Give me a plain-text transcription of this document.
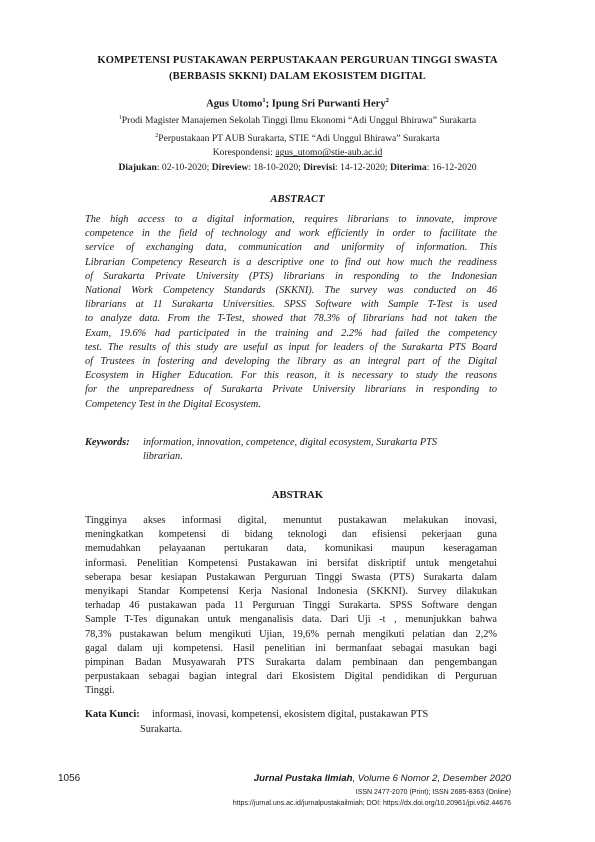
KOMPETENSI PUSTAKAWAN PERPUSTAKAAN PERGURUAN TINGGI SWASTA
(BERBASIS SKKNI) DALAM EKOSISTEM DIGITAL
Agus Utomo$^1$; Ipung Sri Purwanti Hery$^2$
$^1$Prodi Magister Manajemen Sekolah Tinggi Ilmu Ekonomi “Adi Unggul Bhirawa” Surakarta
$^2$Perpustakaan PT AUB Surakarta, STIE “Adi Unggul Bhirawa” Surakarta
Korespondensi: agus_utomo@stie-aub.ac.id
Diajukan: 02-10-2020; Direview: 18-10-2020; Direvisi: 14-12-2020; Diterima: 16-12-2020
ABSTRACT
The high access to a digital information, requires librarians to innovate, improve
competence in the field of technology and work efficiently in order to facilitate the
service of exchanging data, communication and uniformity of information. This
Librarian Competency Research is a descriptive one to find out how much the readiness
of Surakarta Private University (PTS) librarians in responding to the Indonesian
National Work Competency Standards (SKKNI). The survey was conducted on 46
librarians at 11 Surakarta Universities. SPSS Software with Sample T-Test is used
to analyze data. From the T-Test, showed that 78.3% of librarians had not taken the
Exam, 19.6% had participated in the training and 2.2% had failed the competency
test. The results of this study are useful as input for leaders of the Surakarta PTS Board
of Trustees in fostering and developing the library as an integral part of the Digital
Ecosystem in Higher Education. For this reason, it is necessary to study the reasons
for the unpreparedness of Surakarta Private University librarians in responding to
Competency Test in the Digital Ecosystem.
Keywords: information, innovation, competence, digital ecosystem, Surakarta PTS
librarian.
ABSTRAK
Tingginya akses informasi digital, menuntut pustakawan melakukan inovasi,
meningkatkan kompetensi di bidang teknologi dan efisiensi pekerjaan guna
memudahkan pelayaanan pertukaran data, komunikasi maupun keseragaman
informasi. Penelitian Kompetensi Pustakawan ini bersifat diskriptif untuk mengetahui
seberapa besar kesiapan Pustakawan Perguruan Tinggi Swasta (PTS) Surakarta dalam
menyikapi Standar Kompetensi Kerja Nasional Indonesia (SKKNI). Survey dilakukan
terhadap 46 pustakawan pada 11 Perguruan Tinggi Surakarta. SPSS Software dengan
Sample T-Tes digunakan untuk menganalisis data. Dari Uji -t , menunjukkan bahwa
78,3% pustakawan belum mengikuti Ujian, 19,6% pernah mengikuti pelatian dan 2,2%
gagal dalam uji kompetensi. Hasil penelitian ini bermanfaat sebagai masukan bagi
pimpinan Badan Musyawarah PTS Surakarta dalam pembinaan dan pengembangan
perpustakaan sebagai bagian integral dari Ekosistem Digital pendidikan di Perguruan
Tinggi.
Kata Kunci: informasi, inovasi, kompetensi, ekosistem digital, pustakawan PTS
Surakarta.
1056	Jurnal Pustaka Ilmiah, Volume 6 Nomor 2, Desember 2020
ISSN 2477-2070 (Print); ISSN 2685-8363 (Online)
https://jurnal.uns.ac.id/jurnalpustakailmiah; DOI: https://dx.doi.org/10.20961/jpi.v6i2.44676
